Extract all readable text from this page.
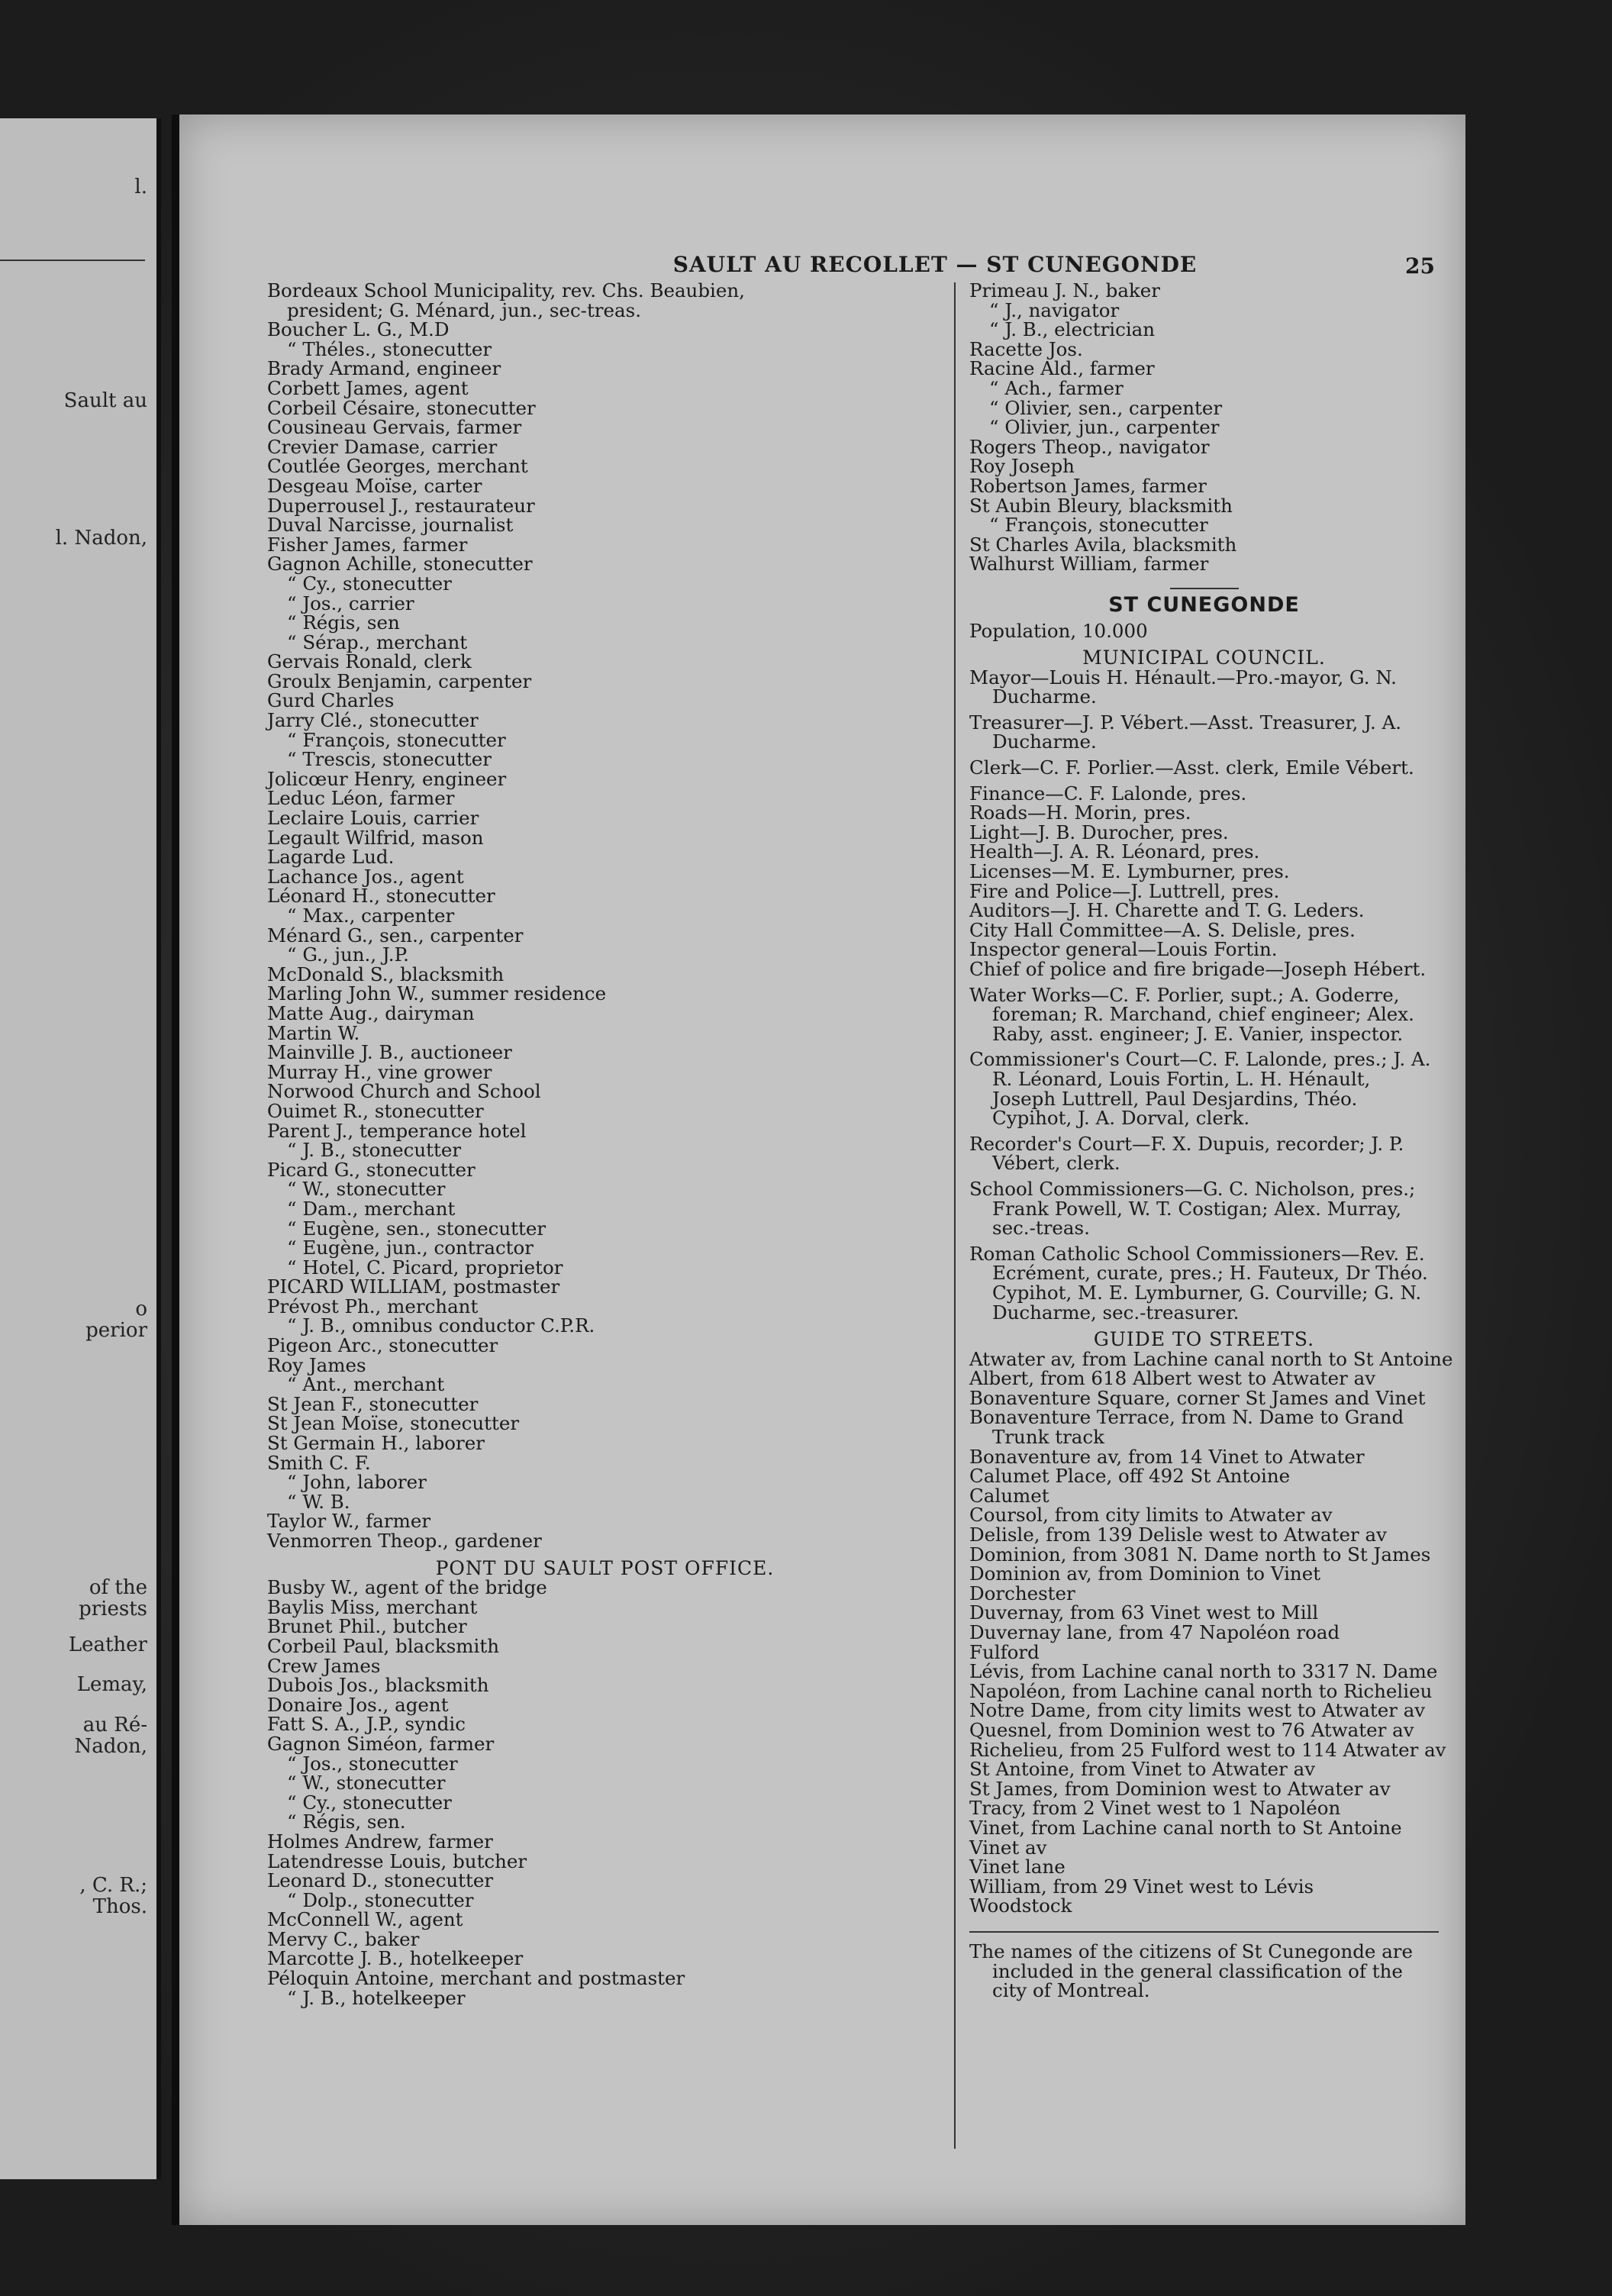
l.
Sault au
l. Nadon,
o
perior
of the
priests
Leather
Lemay,
au Ré-
Nadon,
, C. R.;
Thos.
SAULT AU RECOLLET — ST CUNEGONDE	25
Bordeaux School Municipality, rev. Chs. Beaubien,
president; G. Ménard, jun., sec-treas.
Boucher L. G., M.D
“ Théles., stonecutter
Brady Armand, engineer
Corbett James, agent
Corbeil Césaire, stonecutter
Cousineau Gervais, farmer
Crevier Damase, carrier
Coutlée Georges, merchant
Desgeau Moïse, carter
Duperrousel J., restaurateur
Duval Narcisse, journalist
Fisher James, farmer
Gagnon Achille, stonecutter
“ Cy., stonecutter
“ Jos., carrier
“ Régis, sen
“ Sérap., merchant
Gervais Ronald, clerk
Groulx Benjamin, carpenter
Gurd Charles
Jarry Clé., stonecutter
“ François, stonecutter
“ Trescis, stonecutter
Jolicœur Henry, engineer
Leduc Léon, farmer
Leclaire Louis, carrier
Legault Wilfrid, mason
Lagarde Lud.
Lachance Jos., agent
Léonard H., stonecutter
“ Max., carpenter
Ménard G., sen., carpenter
“ G., jun., J.P.
McDonald S., blacksmith
Marling John W., summer residence
Matte Aug., dairyman
Martin W.
Mainville J. B., auctioneer
Murray H., vine grower
Norwood Church and School
Ouimet R., stonecutter
Parent J., temperance hotel
“ J. B., stonecutter
Picard G., stonecutter
“ W., stonecutter
“ Dam., merchant
“ Eugène, sen., stonecutter
“ Eugène, jun., contractor
“ Hotel, C. Picard, proprietor
PICARD WILLIAM, postmaster
Prévost Ph., merchant
“ J. B., omnibus conductor C.P.R.
Pigeon Arc., stonecutter
Roy James
“ Ant., merchant
St Jean F., stonecutter
St Jean Moïse, stonecutter
St Germain H., laborer
Smith C. F.
“ John, laborer
“ W. B.
Taylor W., farmer
Venmorren Theop., gardener
PONT DU SAULT POST OFFICE.
Busby W., agent of the bridge
Baylis Miss, merchant
Brunet Phil., butcher
Corbeil Paul, blacksmith
Crew James
Dubois Jos., blacksmith
Donaire Jos., agent
Fatt S. A., J.P., syndic
Gagnon Siméon, farmer
“ Jos., stonecutter
“ W., stonecutter
“ Cy., stonecutter
“ Régis, sen.
Holmes Andrew, farmer
Latendresse Louis, butcher
Leonard D., stonecutter
“ Dolp., stonecutter
McConnell W., agent
Mervy C., baker
Marcotte J. B., hotelkeeper
Péloquin Antoine, merchant and postmaster
“ J. B., hotelkeeper
Primeau J. N., baker
“ J., navigator
“ J. B., electrician
Racette Jos.
Racine Ald., farmer
“ Ach., farmer
“ Olivier, sen., carpenter
“ Olivier, jun., carpenter
Rogers Theop., navigator
Roy Joseph
Robertson James, farmer
St Aubin Bleury, blacksmith
“ François, stonecutter
St Charles Avila, blacksmith
Walhurst William, farmer
ST CUNEGONDE
Population, 10.000
MUNICIPAL COUNCIL.
Mayor—Louis H. Hénault.—Pro.-mayor, G. N. Ducharme.
Treasurer—J. P. Vébert.—Asst. Treasurer, J. A. Ducharme.
Clerk—C. F. Porlier.—Asst. clerk, Emile Vébert.
Finance—C. F. Lalonde, pres.
Roads—H. Morin, pres.
Light—J. B. Durocher, pres.
Health—J. A. R. Léonard, pres.
Licenses—M. E. Lymburner, pres.
Fire and Police—J. Luttrell, pres.
Auditors—J. H. Charette and T. G. Leders.
City Hall Committee—A. S. Delisle, pres.
Inspector general—Louis Fortin.
Chief of police and fire brigade—Joseph Hébert.
Water Works—C. F. Porlier, supt.; A. Goderre, foreman; R. Marchand, chief engineer; Alex. Raby, asst. engineer; J. E. Vanier, inspector.
Commissioner's Court—C. F. Lalonde, pres.; J. A. R. Léonard, Louis Fortin, L. H. Hénault, Joseph Luttrell, Paul Desjardins, Théo. Cypihot, J. A. Dorval, clerk.
Recorder's Court—F. X. Dupuis, recorder; J. P. Vébert, clerk.
School Commissioners—G. C. Nicholson, pres.; Frank Powell, W. T. Costigan; Alex. Murray, sec.-treas.
Roman Catholic School Commissioners—Rev. E. Ecrément, curate, pres.; H. Fauteux, Dr Théo. Cypihot, M. E. Lymburner, G. Courville; G. N. Ducharme, sec.-treasurer.
GUIDE TO STREETS.
Atwater av, from Lachine canal north to St Antoine
Albert, from 618 Albert west to Atwater av
Bonaventure Square, corner St James and Vinet
Bonaventure Terrace, from N. Dame to Grand Trunk track
Bonaventure av, from 14 Vinet to Atwater
Calumet Place, off 492 St Antoine
Calumet
Coursol, from city limits to Atwater av
Delisle, from 139 Delisle west to Atwater av
Dominion, from 3081 N. Dame north to St James
Dominion av, from Dominion to Vinet
Dorchester
Duvernay, from 63 Vinet west to Mill
Duvernay lane, from 47 Napoléon road
Fulford
Lévis, from Lachine canal north to 3317 N. Dame
Napoléon, from Lachine canal north to Richelieu
Notre Dame, from city limits west to Atwater av
Quesnel, from Dominion west to 76 Atwater av
Richelieu, from 25 Fulford west to 114 Atwater av
St Antoine, from Vinet to Atwater av
St James, from Dominion west to Atwater av
Tracy, from 2 Vinet west to 1 Napoléon
Vinet, from Lachine canal north to St Antoine
Vinet av
Vinet lane
William, from 29 Vinet west to Lévis
Woodstock
The names of the citizens of St Cunegonde are included in the general classification of the city of Montreal.
